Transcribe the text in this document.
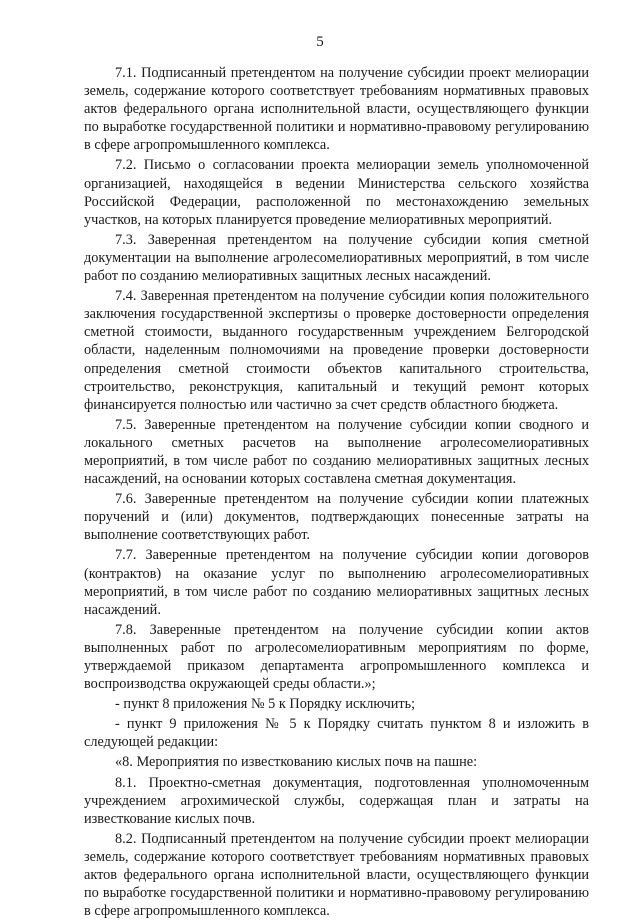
5

7.1. Подписанный претендентом на получение субсидии проект мелиорации земель, содержание которого соответствует требованиям нормативных правовых актов федерального органа исполнительной власти, осуществляющего функции по выработке государственной политики и нормативно-правовому регулированию в сфере агропромышленного комплекса.

7.2. Письмо о согласовании проекта мелиорации земель уполномоченной организацией, находящейся в ведении Министерства сельского хозяйства Российской Федерации, расположенной по местонахождению земельных участков, на которых планируется проведение мелиоративных мероприятий.

7.3. Заверенная претендентом на получение субсидии копия сметной документации на выполнение агролесомелиоративных мероприятий, в том числе работ по созданию мелиоративных защитных лесных насаждений.

7.4. Заверенная претендентом на получение субсидии копия положительного заключения государственной экспертизы о проверке достоверности определения сметной стоимости, выданного государственным учреждением Белгородской области, наделенным полномочиями на проведение проверки достоверности определения сметной стоимости объектов капитального строительства, строительство, реконструкция, капитальный и текущий ремонт которых финансируется полностью или частично за счет средств областного бюджета.

7.5. Заверенные претендентом на получение субсидии копии сводного и локального сметных расчетов на выполнение агролесомелиоративных мероприятий, в том числе работ по созданию мелиоративных защитных лесных насаждений, на основании которых составлена сметная документация.

7.6. Заверенные претендентом на получение субсидии копии платежных поручений и (или) документов, подтверждающих понесенные затраты на выполнение соответствующих работ.

7.7. Заверенные претендентом на получение субсидии копии договоров (контрактов) на оказание услуг по выполнению агролесомелиоративных мероприятий, в том числе работ по созданию мелиоративных защитных лесных насаждений.

7.8. Заверенные претендентом на получение субсидии копии актов выполненных работ по агролесомелиоративным мероприятиям по форме, утверждаемой приказом департамента агропромышленного комплекса и воспроизводства окружающей среды области.»;

- пункт 8 приложения № 5 к Порядку исключить;

- пункт 9 приложения № 5 к Порядку считать пунктом 8 и изложить в следующей редакции:

«8. Мероприятия по известкованию кислых почв на пашне:

8.1. Проектно-сметная документация, подготовленная уполномоченным учреждением агрохимической службы, содержащая план и затраты на известкование кислых почв.

8.2. Подписанный претендентом на получение субсидии проект мелиорации земель, содержание которого соответствует требованиям нормативных правовых актов федерального органа исполнительной власти, осуществляющего функции по выработке государственной политики и нормативно-правовому регулированию в сфере агропромышленного комплекса.
